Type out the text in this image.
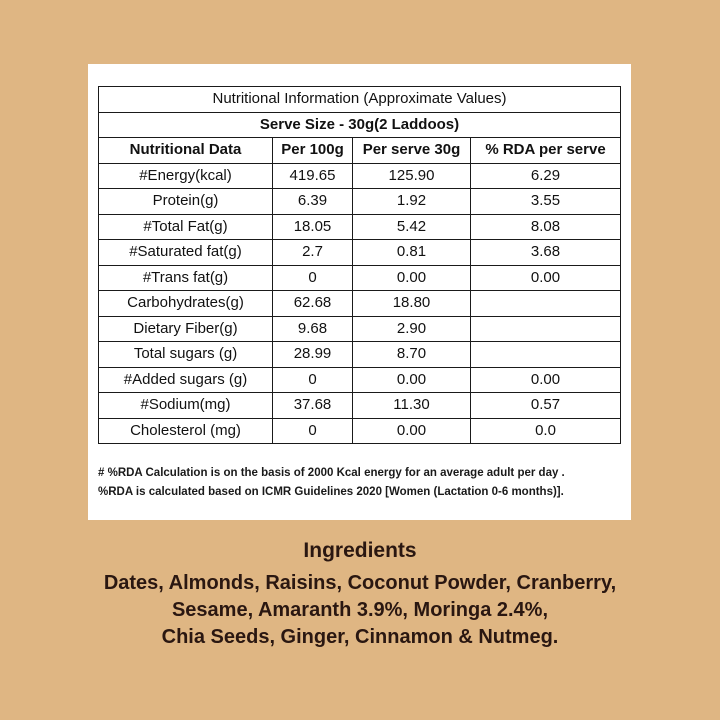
Nutritional Information (Approximate Values)			
Serve Size - 30g(2 Laddoos)			
Nutritional Data	Per 100g	Per serve 30g	% RDA per serve
#Energy(kcal)	419.65	125.90	6.29
Protein(g)	6.39	1.92	3.55
#Total Fat(g)	18.05	5.42	8.08
#Saturated fat(g)	2.7	0.81	3.68
#Trans fat(g)	0	0.00	0.00
Carbohydrates(g)	62.68	18.80	
Dietary Fiber(g)	9.68	2.90	
Total sugars (g)	28.99	8.70	
#Added sugars (g)	0	0.00	0.00
#Sodium(mg)	37.68	11.30	0.57
Cholesterol (mg)	0	0.00	0.0
# %RDA Calculation is on the basis of 2000 Kcal energy for an average adult per day .
%RDA is calculated based on ICMR Guidelines 2020 [Women (Lactation 0-6 months)].
Ingredients
Dates, Almonds, Raisins, Coconut Powder, Cranberry,
Sesame, Amaranth 3.9%, Moringa 2.4%,
Chia Seeds, Ginger, Cinnamon & Nutmeg.
